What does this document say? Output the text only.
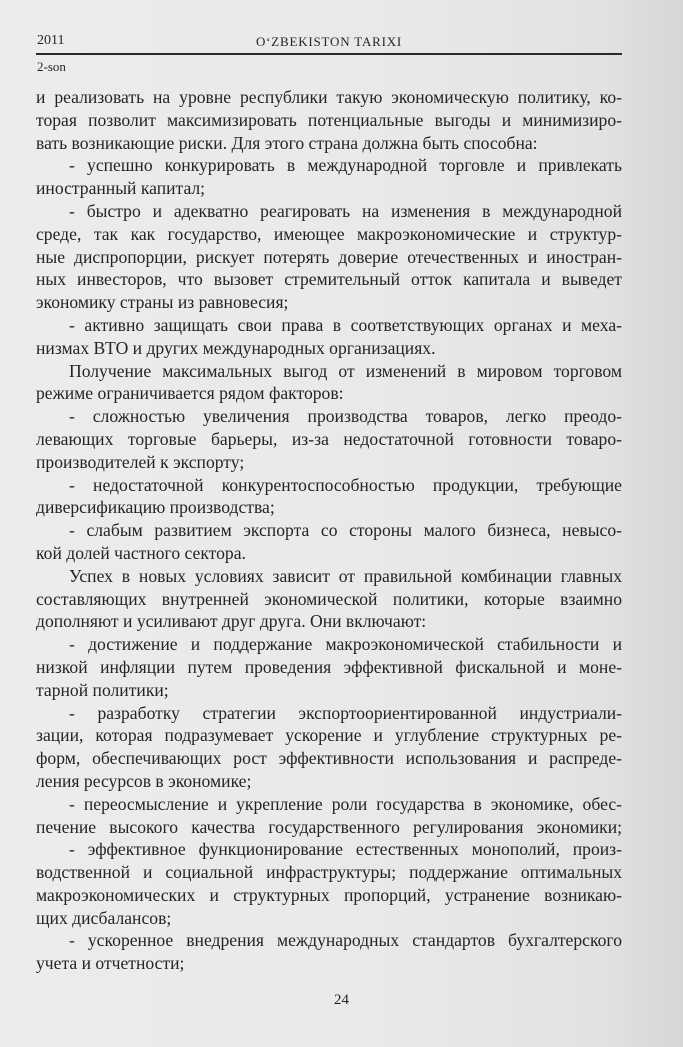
2011	O‘ZBEKISTON TARIXI
2-son
и реализовать на уровне республики такую экономическую политику, ко-
торая позволит максимизировать потенциальные выгоды и минимизиро-
вать возникающие риски. Для этого страна должна быть способна:
- успешно конкурировать в международной торговле и привлекать
иностранный капитал;
- быстро и адекватно реагировать на изменения в международной
среде, так как государство, имеющее макроэкономические и структур-
ные диспропорции, рискует потерять доверие отечественных и иностран-
ных инвесторов, что вызовет стремительный отток капитала и выведет
экономику страны из равновесия;
- активно защищать свои права в соответствующих органах и меха-
низмах ВТО и других международных организациях.
Получение максимальных выгод от изменений в мировом торговом
режиме ограничивается рядом факторов:
- сложностью увеличения производства товаров, легко преодо-
левающих торговые барьеры, из-за недостаточной готовности товаро-
производителей к экспорту;
- недостаточной конкурентоспособностью продукции, требующие
диверсификацию производства;
- слабым развитием экспорта со стороны малого бизнеса, невысо-
кой долей частного сектора.
Успех в новых условиях зависит от правильной комбинации главных
составляющих внутренней экономической политики, которые взаимно
дополняют и усиливают друг друга. Они включают:
- достижение и поддержание макроэкономической стабильности и
низкой инфляции путем проведения эффективной фискальной и моне-
тарной политики;
- разработку стратегии экспортоориентированной индустриали-
зации, которая подразумевает ускорение и углубление структурных ре-
форм, обеспечивающих рост эффективности использования и распреде-
ления ресурсов в экономике;
- переосмысление и укрепление роли государства в экономике, обес-
печение высокого качества государственного регулирования экономики;
- эффективное функционирование естественных монополий, произ-
водственной и социальной инфраструктуры; поддержание оптимальных
макроэкономических и структурных пропорций, устранение возникаю-
щих дисбалансов;
- ускоренное внедрения международных стандартов бухгалтерского
учета и отчетности;
24
